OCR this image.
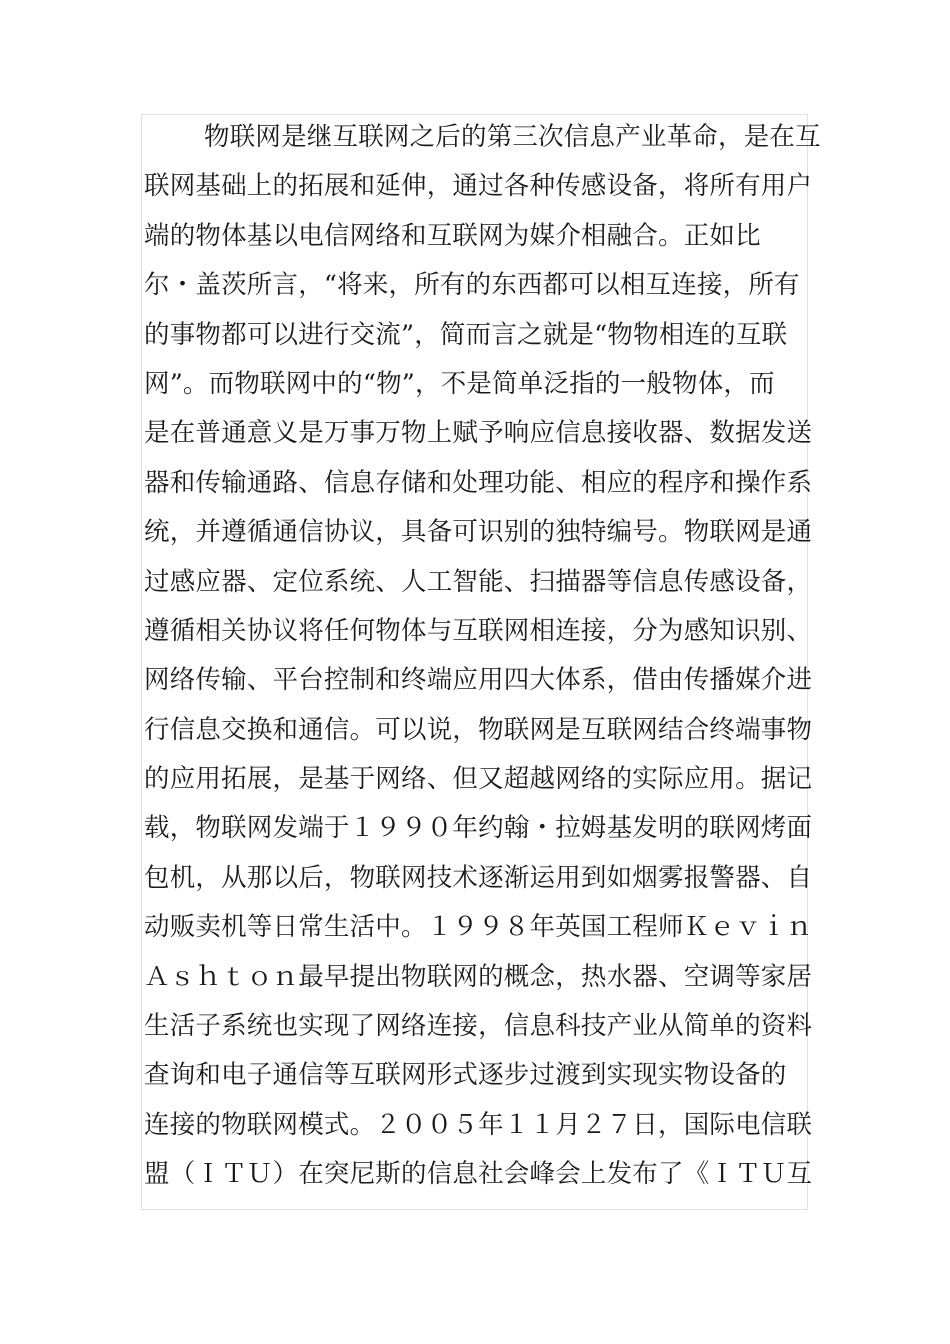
物联网是继互联网之后的第三次信息产业革命，是在互
联网基础上的拓展和延伸，通过各种传感设备，将所有用户
端的物体基以电信网络和互联网为媒介相融合。正如比
尔・盖茨所言，“将来，所有的东西都可以相互连接，所有
的事物都可以进行交流”，简而言之就是“物物相连的互联
网”。而物联网中的“物”，不是简单泛指的一般物体，而
是在普通意义是万事万物上赋予响应信息接收器、数据发送
器和传输通路、信息存储和处理功能、相应的程序和操作系
统，并遵循通信协议，具备可识别的独特编号。物联网是通
过感应器、定位系统、人工智能、扫描器等信息传感设备，
遵循相关协议将任何物体与互联网相连接，分为感知识别、
网络传输、平台控制和终端应用四大体系，借由传播媒介进
行信息交换和通信。可以说，物联网是互联网结合终端事物
的应用拓展，是基于网络、但又超越网络的实际应用。据记
载，物联网发端于１９９０年约翰・拉姆基发明的联网烤面
包机，从那以后，物联网技术逐渐运用到如烟雾报警器、自
动贩卖机等日常生活中。１９９８年英国工程师Ｋｅｖｉｎ
Ａｓｈｔｏｎ最早提出物联网的概念，热水器、空调等家居
生活子系统也实现了网络连接，信息科技产业从简单的资料
查询和电子通信等互联网形式逐步过渡到实现实物设备的
连接的物联网模式。２００５年１１月２７日，国际电信联
盟（ＩＴＵ）在突尼斯的信息社会峰会上发布了《ＩＴＵ互
